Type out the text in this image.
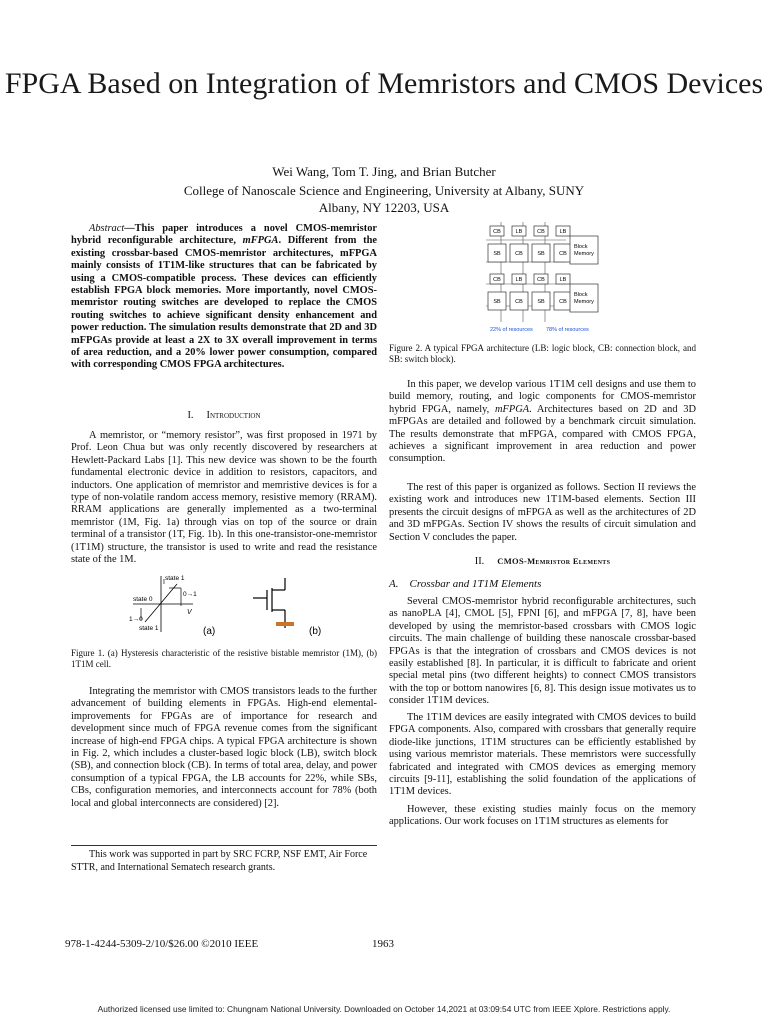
FPGA Based on Integration of Memristors and CMOS Devices
Wei Wang, Tom T. Jing, and Brian Butcher
College of Nanoscale Science and Engineering, University at Albany, SUNY
Albany, NY 12203, USA

Abstract—This paper introduces a novel CMOS-memristor hybrid reconfigurable architecture, mFPGA. Different from the existing crossbar-based CMOS-memristor architectures, mFPGA mainly consists of 1T1M-like structures that can be fabricated by using a CMOS-compatible process. These devices can efficiently establish FPGA block memories. More importantly, novel CMOS-memristor routing switches are developed to replace the CMOS routing switches to achieve significant density enhancement and power reduction. The simulation results demonstrate that 2D and 3D mFPGAs provide at least a 2X to 3X overall improvement in terms of area reduction, and a 20% lower power consumption, compared with corresponding CMOS FPGA architectures.

I. Introduction

A memristor, or “memory resistor”, was first proposed in 1971 by Prof. Leon Chua but was only recently discovered by researchers at Hewlett-Packard Labs [1]. This new device was shown to be the fourth fundamental electronic device in addition to resistors, capacitors, and inductors. One application of memristor and memristive devices is for a type of non-volatile random access memory, resistive memory (RRAM). RRAM applications are generally implemented as a two-terminal memristor (1M, Fig. 1a) through vias on top of the source or drain terminal of a transistor (1T, Fig. 1b). In this one-transistor-one-memristor (1T1M) structure, the transistor is used to write and read the resistance state of the 1M.

I
state 1
state 0
0→1
1→0
state 1
V
(a)	(b)
Figure 1. (a) Hysteresis characteristic of the resistive bistable memristor (1M), (b) 1T1M cell.

Integrating the memristor with CMOS transistors leads to the further advancement of building elements in FPGAs. High-end elemental-improvements for FPGAs are of importance for research and development since much of FPGA revenue comes from the significant increase of high-end FPGA chips. A typical FPGA architecture is shown in Fig. 2, which includes a cluster-based logic block (LB), switch block (SB), and connection block (CB). In terms of total area, delay, and power consumption of a typical FPGA, the LB accounts for 22%, while SBs, CBs, configuration memories, and interconnects account for 78% (both local and global interconnects are considered) [2].

This work was supported in part by SRC FCRP, NSF EMT, Air Force STTR, and International Sematech research grants.

978-1-4244-5309-2/10/$26.00 ©2010 IEEE	1963
CB	LB	CB	LB
CB	LB	CB	LB
SB	CB	SB	CB
SB	CB	SB	CB
Block
Memory
Block
Memory
22% of resources 78% of resources
Figure 2. A typical FPGA architecture (LB: logic block, CB: connection block, and SB: switch block).

In this paper, we develop various 1T1M cell designs and use them to build memory, routing, and logic components for CMOS-memristor hybrid FPGA, namely, mFPGA. Architectures based on 2D and 3D mFPGAs are detailed and followed by a benchmark circuit simulation. The results demonstrate that mFPGA, compared with CMOS FPGA, achieves a significant improvement in area reduction and power consumption.

The rest of this paper is organized as follows. Section II reviews the existing work and introduces new 1T1M-based elements. Section III presents the circuit designs of mFPGA as well as the architectures of 2D and 3D mFPGAs. Section IV shows the results of circuit simulation and Section V concludes the paper.

II. CMOS-Memristor Elements
A. Crossbar and 1T1M Elements

Several CMOS-memristor hybrid reconfigurable architectures, such as nanoPLA [4], CMOL [5], FPNI [6], and mFPGA [7, 8], have been developed by using the memristor-based crossbars with CMOS logic circuits. The main challenge of building these nanoscale crossbar-based FPGAs is that the integration of crossbars and CMOS devices is not easily established [8]. In particular, it is difficult to fabricate and orient special metal pins (two different heights) to connect CMOS transistors with the top or bottom nanowires [6, 8]. This design issue motivates us to consider 1T1M devices.

The 1T1M devices are easily integrated with CMOS devices to build FPGA components. Also, compared with crossbars that generally require diode-like junctions, 1T1M structures can be efficiently established by using various memristor materials. These memristors were successfully fabricated and integrated with CMOS devices as emerging memory circuits [9-11], establishing the solid foundation of the applications of 1T1M devices.

However, these existing studies mainly focus on the memory applications. Our work focuses on 1T1M structures as elements for

Authorized licensed use limited to: Chungnam National University. Downloaded on October 14,2021 at 03:09:54 UTC from IEEE Xplore. Restrictions apply.
